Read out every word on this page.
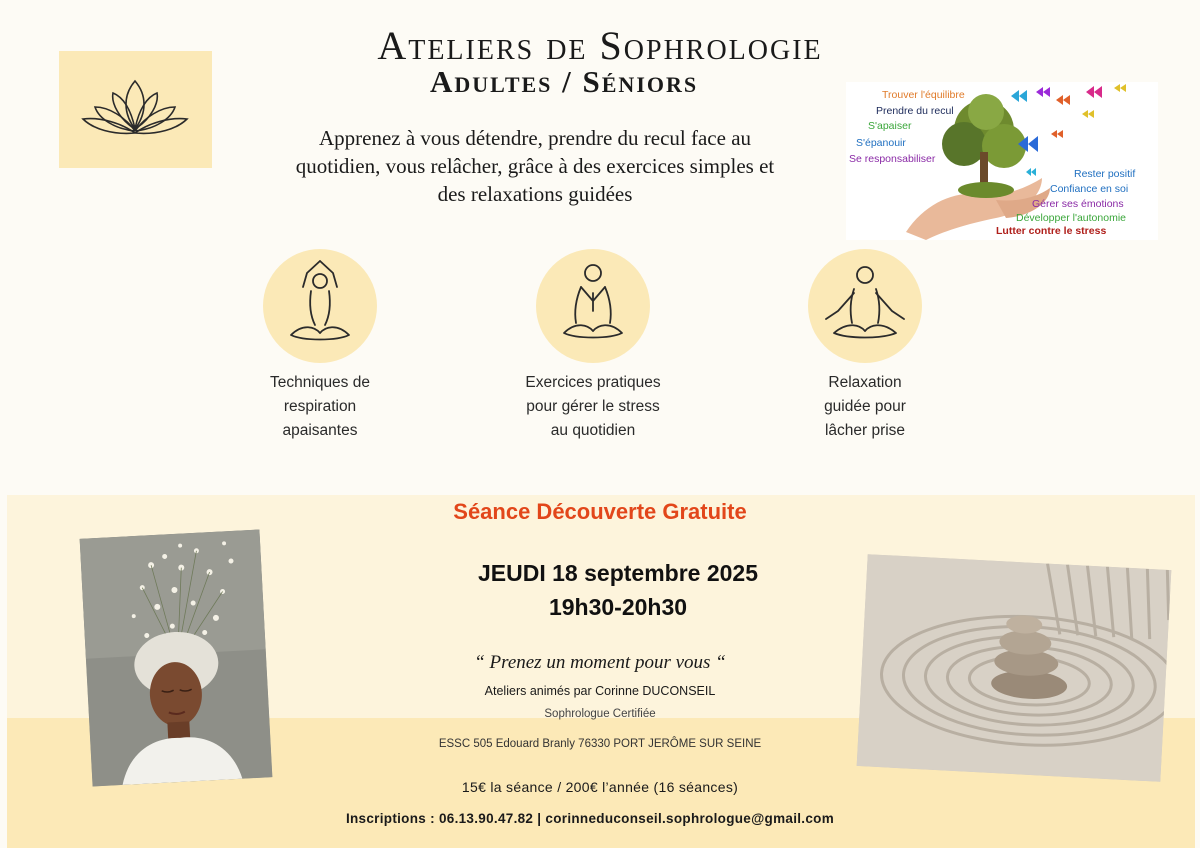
Ateliers de Sophrologie
Adultes / Séniors
Apprenez à vous détendre, prendre du recul face au
quotidien, vous relâcher, grâce à des exercices simples et
des relaxations guidées
Trouver l'équilibre
Prendre du recul
S'apaiser
S'épanouir
Se responsabiliser
Rester positif
Confiance en soi
Gérer ses émotions
Développer l'autonomie
Lutter contre le stress
Techniques de
respiration
apaisantes
Exercices pratiques
pour gérer le stress
au quotidien
Relaxation
guidée pour
lâcher prise
Séance Découverte Gratuite
JEUDI 18 septembre 2025
19h30-20h30
“ Prenez un moment pour vous “
Ateliers animés par Corinne DUCONSEIL
Sophrologue Certifiée
ESSC 505 Edouard Branly 76330 PORT JERÔME SUR SEINE
15€ la séance / 200€ l’année (16 séances)
Inscriptions : 06.13.90.47.82 | corinneduconseil.sophrologue@gmail.com
